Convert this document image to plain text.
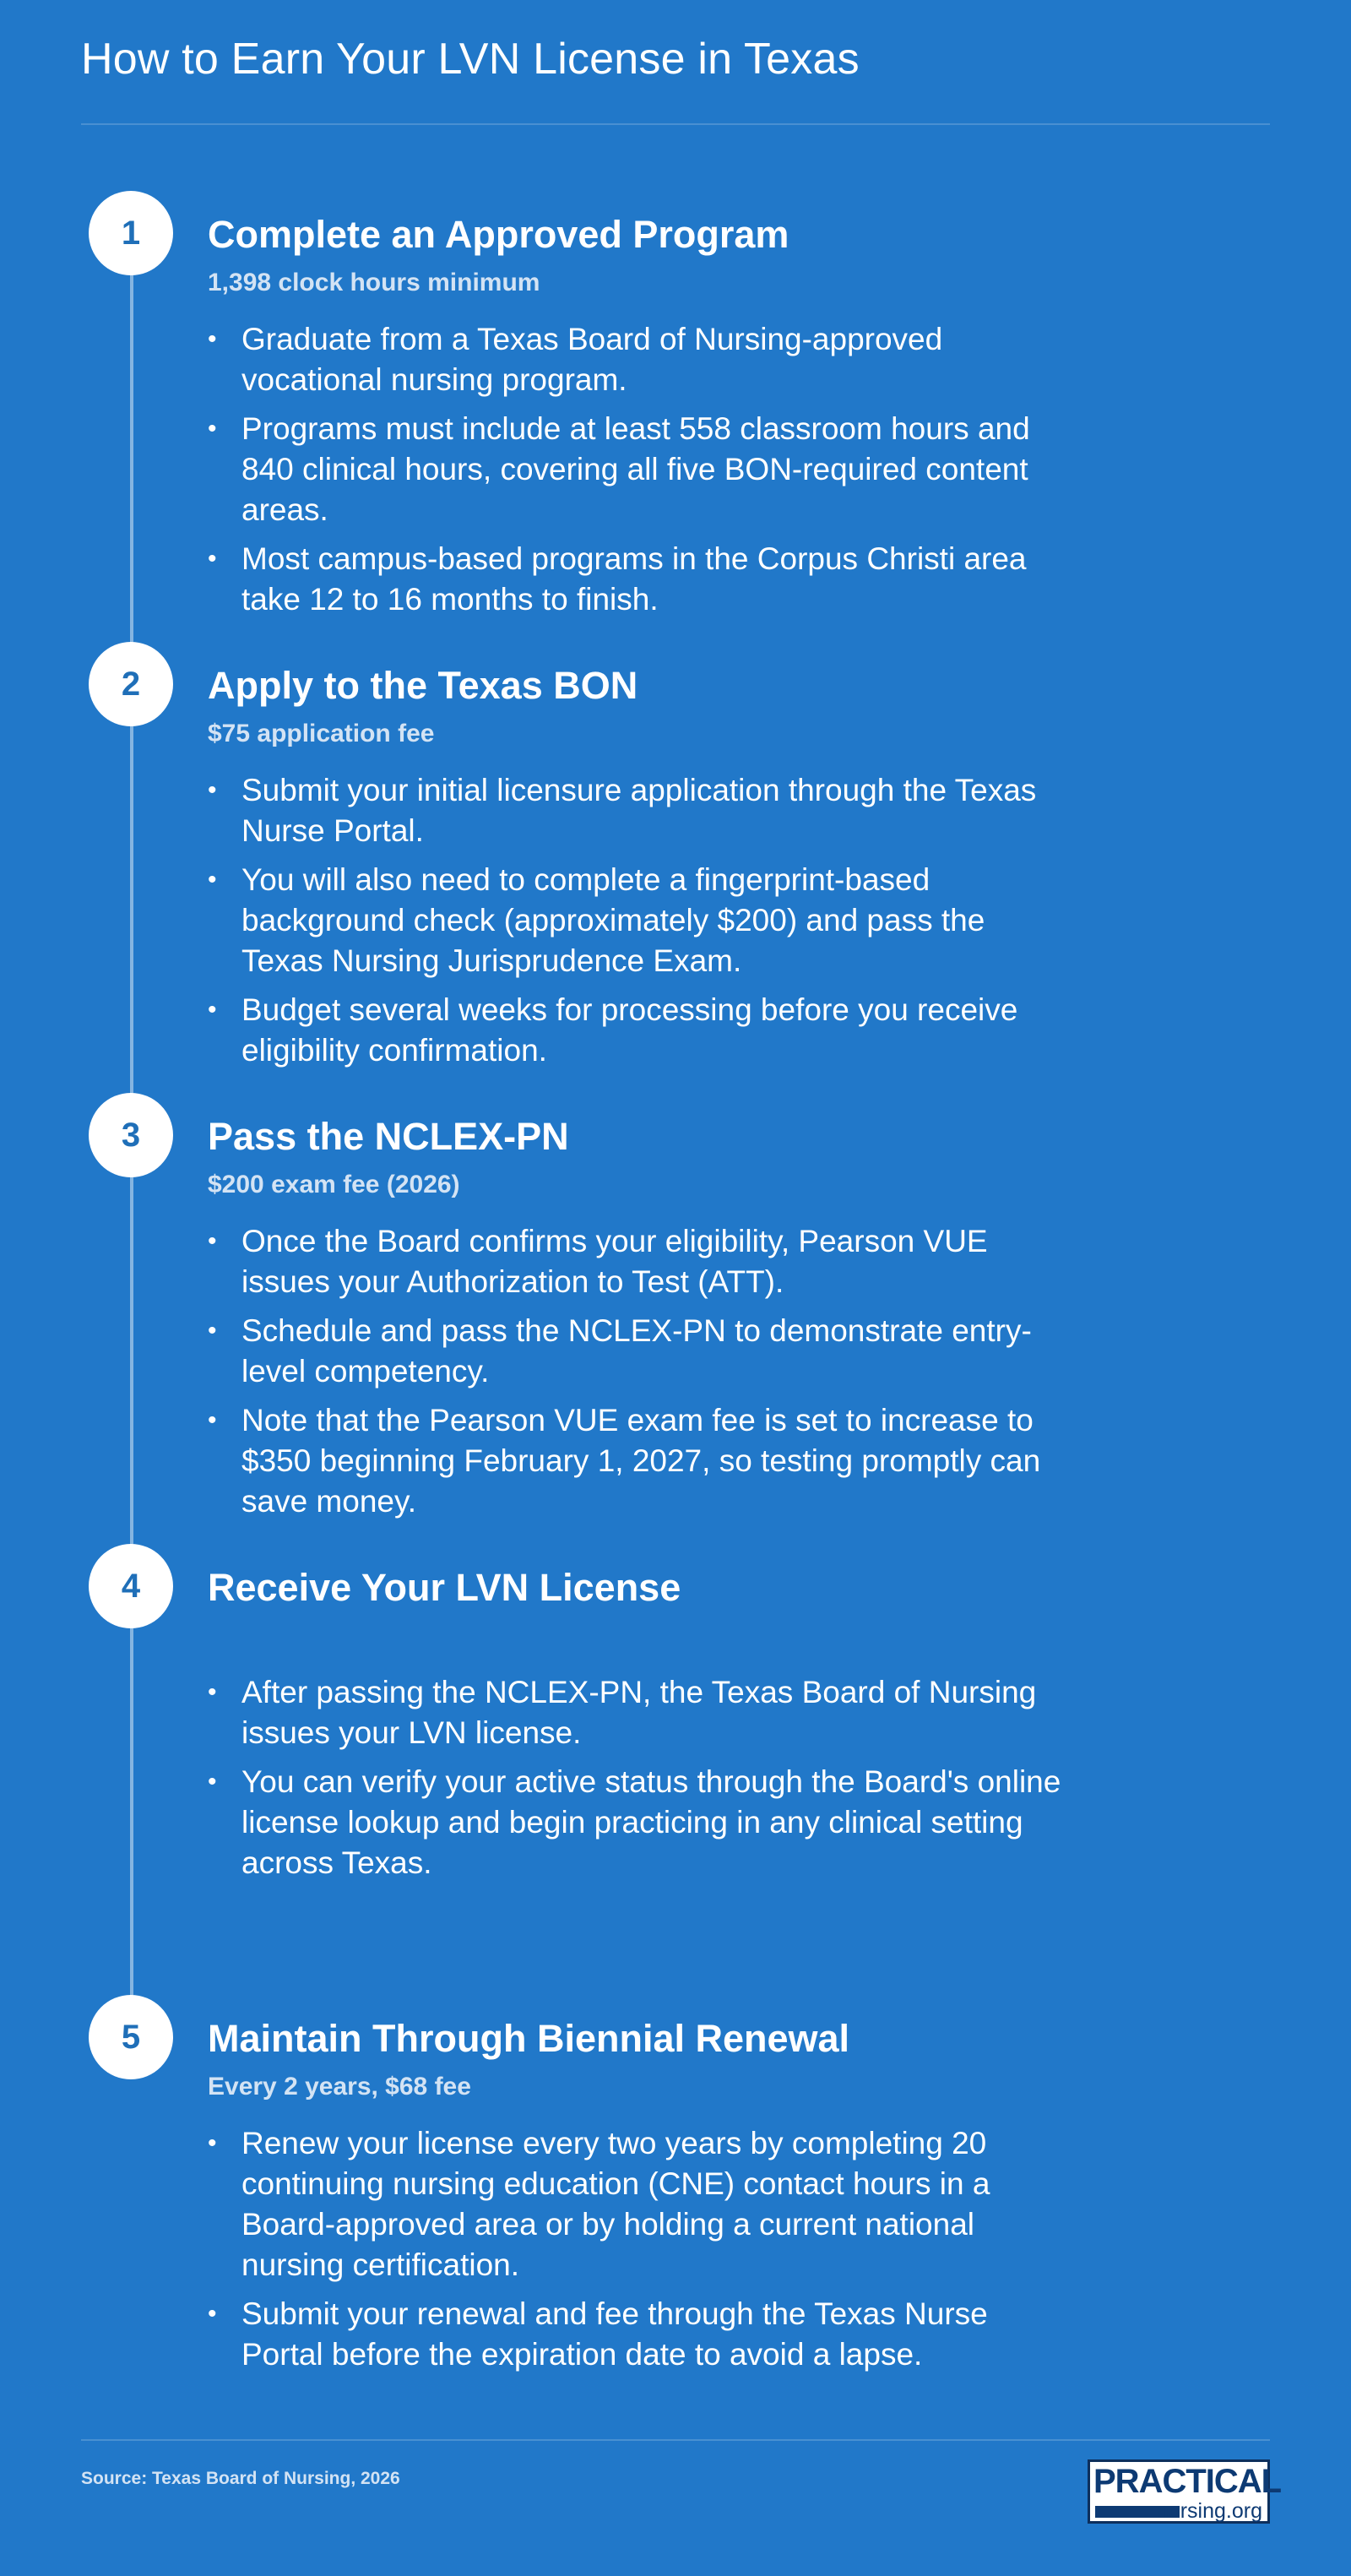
How to Earn Your LVN License in Texas
1	Complete an Approved Program
1,398 clock hours minimum
• Graduate from a Texas Board of Nursing-approved vocational nursing program.
• Programs must include at least 558 classroom hours and 840 clinical hours, covering all five BON-required content areas.
• Most campus-based programs in the Corpus Christi area take 12 to 16 months to finish.
2	Apply to the Texas BON
$75 application fee
• Submit your initial licensure application through the Texas Nurse Portal.
• You will also need to complete a fingerprint-based background check (approximately $200) and pass the Texas Nursing Jurisprudence Exam.
• Budget several weeks for processing before you receive eligibility confirmation.
3	Pass the NCLEX-PN
$200 exam fee (2026)
• Once the Board confirms your eligibility, Pearson VUE issues your Authorization to Test (ATT).
• Schedule and pass the NCLEX-PN to demonstrate entry-level competency.
• Note that the Pearson VUE exam fee is set to increase to $350 beginning February 1, 2027, so testing promptly can save money.
4	Receive Your LVN License
• After passing the NCLEX-PN, the Texas Board of Nursing issues your LVN license.
• You can verify your active status through the Board's online license lookup and begin practicing in any clinical setting across Texas.
5	Maintain Through Biennial Renewal
Every 2 years, $68 fee
• Renew your license every two years by completing 20 continuing nursing education (CNE) contact hours in a Board-approved area or by holding a current national nursing certification.
• Submit your renewal and fee through the Texas Nurse Portal before the expiration date to avoid a lapse.
Source: Texas Board of Nursing, 2026	PRACTICAL
nursing.org
